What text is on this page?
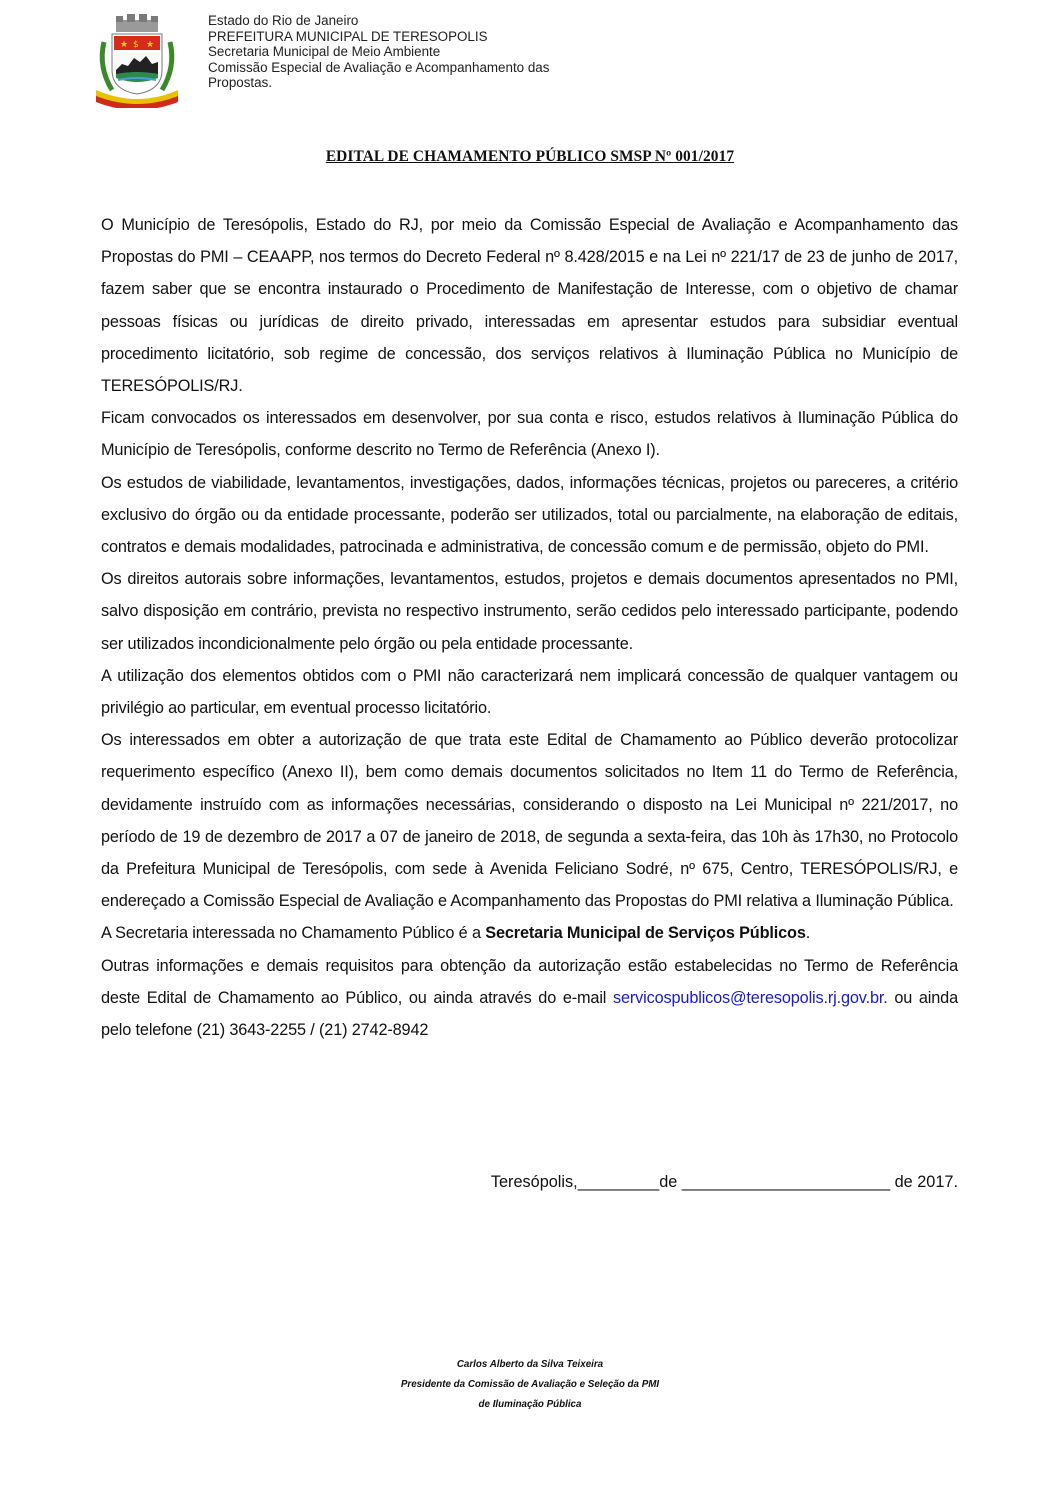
★ $ ★
Estado do Rio de Janeiro
PREFEITURA MUNICIPAL DE TERESOPOLIS
Secretaria Municipal de Meio Ambiente
Comissão Especial de Avaliação e Acompanhamento das
Propostas.
EDITAL DE CHAMAMENTO PÚBLICO SMSP Nº 001/2017

O Município de Teresópolis, Estado do RJ, por meio da Comissão Especial de Avaliação e Acompanhamento das Propostas do PMI – CEAAPP, nos termos do Decreto Federal nº 8.428/2015 e na Lei nº 221/17 de 23 de junho de 2017, fazem saber que se encontra instaurado o Procedimento de Manifestação de Interesse, com o objetivo de chamar pessoas físicas ou jurídicas de direito privado, interessadas em apresentar estudos para subsidiar eventual procedimento licitatório, sob regime de concessão, dos serviços relativos à Iluminação Pública no Município de TERESÓPOLIS/RJ.

Ficam convocados os interessados em desenvolver, por sua conta e risco, estudos relativos à Iluminação Pública do Município de Teresópolis, conforme descrito no Termo de Referência (Anexo I).

Os estudos de viabilidade, levantamentos, investigações, dados, informações técnicas, projetos ou pareceres, a critério exclusivo do órgão ou da entidade processante, poderão ser utilizados, total ou parcialmente, na elaboração de editais, contratos e demais modalidades, patrocinada e administrativa, de concessão comum e de permissão, objeto do PMI.

Os direitos autorais sobre informações, levantamentos, estudos, projetos e demais documentos apresentados no PMI, salvo disposição em contrário, prevista no respectivo instrumento, serão cedidos pelo interessado participante, podendo ser utilizados incondicionalmente pelo órgão ou pela entidade processante.

A utilização dos elementos obtidos com o PMI não caracterizará nem implicará concessão de qualquer vantagem ou privilégio ao particular, em eventual processo licitatório.

Os interessados em obter a autorização de que trata este Edital de Chamamento ao Público deverão protocolizar requerimento específico (Anexo II), bem como demais documentos solicitados no Item 11 do Termo de Referência, devidamente instruído com as informações necessárias, considerando o disposto na Lei Municipal nº 221/2017, no período de 19 de dezembro de 2017 a 07 de janeiro de 2018, de segunda a sexta-feira, das 10h às 17h30, no Protocolo da Prefeitura Municipal de Teresópolis, com sede à Avenida Feliciano Sodré, nº 675, Centro, TERESÓPOLIS/RJ, e endereçado a Comissão Especial de Avaliação e Acompanhamento das Propostas do PMI relativa a Iluminação Pública.

A Secretaria interessada no Chamamento Público é a Secretaria Municipal de Serviços Públicos.

Outras informações e demais requisitos para obtenção da autorização estão estabelecidas no Termo de Referência deste Edital de Chamamento ao Público, ou ainda através do e-mail servicospublicos@teresopolis.rj.gov.br. ou ainda pelo telefone (21) 3643-2255 / (21) 2742-8942

Teresópolis,_________de _______________________ de 2017.
Carlos Alberto da Silva Teixeira
Presidente da Comissão de Avaliação e Seleção da PMI
de Iluminação Pública
